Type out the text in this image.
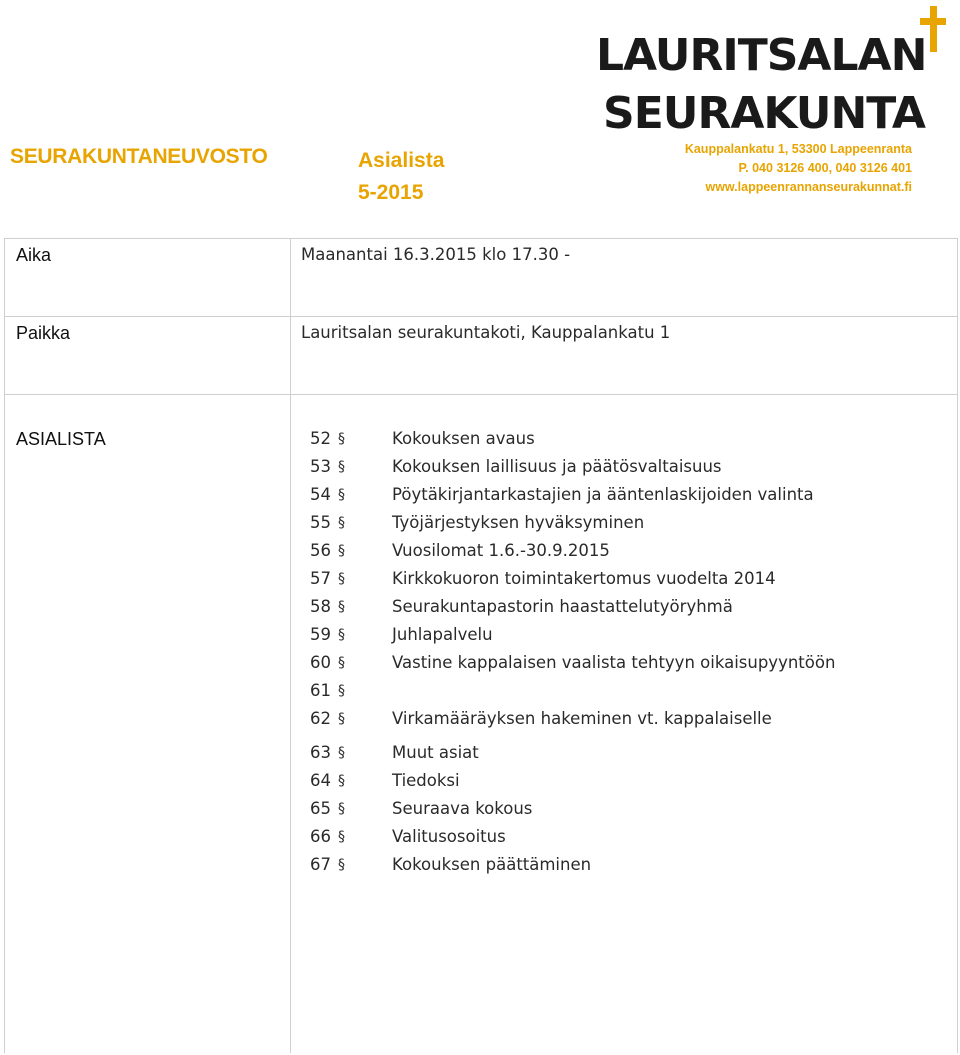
SEURAKUNTANEUVOSTO	Asialista
5-2015
LAURITSALAN
SEURAKUNTA
Kauppalankatu 1, 53300 Lappeenranta
P. 040 3126 400, 040 3126 401
www.lappeenrannanseurakunnat.fi
Aika	Maanantai 16.3.2015 klo 17.30 -
Paikka	Lauritsalan seurakuntakoti, Kauppalankatu 1
ASIALISTA	52 §	Kokouksen avaus
53 §	Kokouksen laillisuus ja päätösvaltaisuus
54 §	Pöytäkirjantarkastajien ja ääntenlaskijoiden valinta
55 §	Työjärjestyksen hyväksyminen
56 §	Vuosilomat 1.6.-30.9.2015
57 §	Kirkkokuoron toimintakertomus vuodelta 2014
58 §	Seurakuntapastorin haastattelutyöryhmä
59 §	Juhlapalvelu
60 §	Vastine kappalaisen vaalista tehtyyn oikaisupyyntöön
61 §
62 §	Virkamääräyksen hakeminen vt. kappalaiselle
63 §	Muut asiat
64 §	Tiedoksi
65 §	Seuraava kokous
66 §	Valitusosoitus
67 §	Kokouksen päättäminen
